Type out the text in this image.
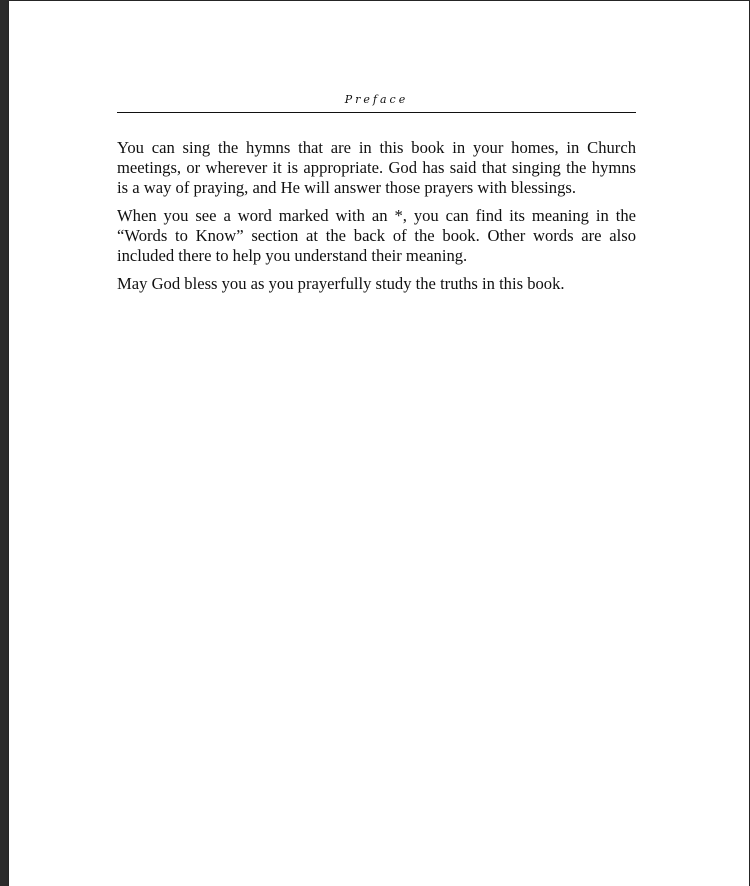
Preface

You can sing the hymns that are in this book in your homes, in Church meetings, or wherever it is appropriate. God has said that singing the hymns is a way of praying, and He will answer those prayers with blessings.

When you see a word marked with an *, you can find its meaning in the “Words to Know” section at the back of the book. Other words are also included there to help you understand their meaning.

May God bless you as you prayerfully study the truths in this book.
